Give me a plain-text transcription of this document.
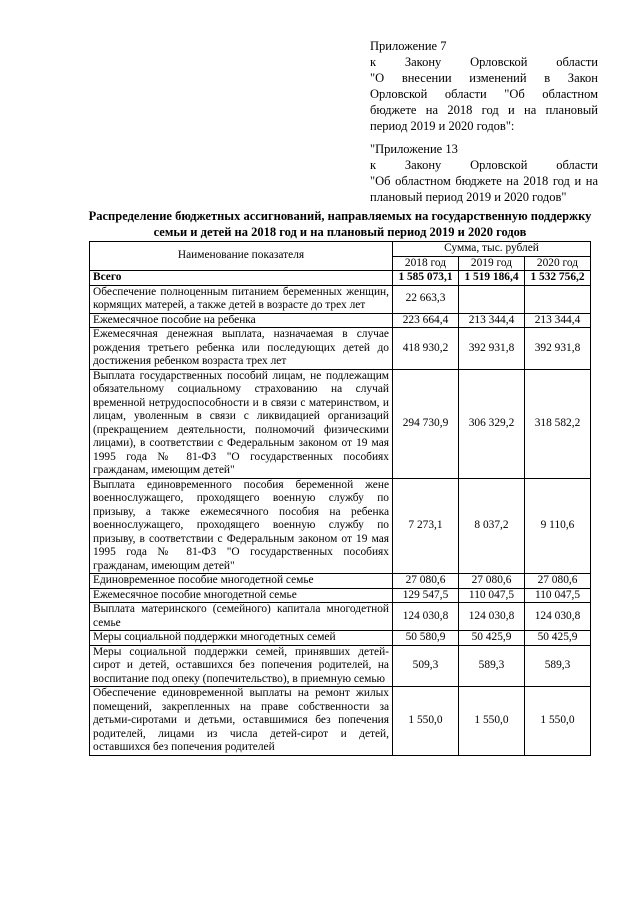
Приложение 7
к Закону Орловской области
"О внесении изменений в Закон Орловской области "Об областном бюджете на 2018 год и на плановый период 2019 и 2020 годов":
"Приложение 13
к Закону Орловской области
"Об областном бюджете на 2018 год и на плановый период 2019 и 2020 годов"
Распределение бюджетных ассигнований, направляемых на государственную поддержку семьи и детей на 2018 год и на плановый период 2019 и 2020 годов
Наименование показателя	Сумма, тыс. рублей		
	2018 год	2019 год	2020 год
Всего	1 585 073,1	1 519 186,4	1 532 756,2
Обеспечение полноценным питанием беременных женщин, кормящих матерей, а также детей в возрасте до трех лет	22 663,3		
Ежемесячное пособие на ребенка	223 664,4	213 344,4	213 344,4
Ежемесячная денежная выплата, назначаемая в случае рождения третьего ребенка или последующих детей до достижения ребенком возраста трех лет	418 930,2	392 931,8	392 931,8
Выплата государственных пособий лицам, не подлежащим обязательному социальному страхованию на случай временной нетрудоспособности и в связи с материнством, и лицам, уволенным в связи с ликвидацией организаций (прекращением деятельности, полномочий физическими лицами), в соответствии с Федеральным законом от 19 мая 1995 года № 81-ФЗ "О государственных пособиях гражданам, имеющим детей"	294 730,9	306 329,2	318 582,2
Выплата единовременного пособия беременной жене военнослужащего, проходящего военную службу по призыву, а также ежемесячного пособия на ребенка военнослужащего, проходящего военную службу по призыву, в соответствии с Федеральным законом от 19 мая 1995 года № 81-ФЗ "О государственных пособиях гражданам, имеющим детей"	7 273,1	8 037,2	9 110,6
Единовременное пособие многодетной семье	27 080,6	27 080,6	27 080,6
Ежемесячное пособие многодетной семье	129 547,5	110 047,5	110 047,5
Выплата материнского (семейного) капитала многодетной семье	124 030,8	124 030,8	124 030,8
Меры социальной поддержки многодетных семей	50 580,9	50 425,9	50 425,9
Меры социальной поддержки семей, принявших детей-сирот и детей, оставшихся без попечения родителей, на воспитание под опеку (попечительство), в приемную семью	509,3	589,3	589,3
Обеспечение единовременной выплаты на ремонт жилых помещений, закрепленных на праве собственности за детьми-сиротами и детьми, оставшимися без попечения родителей, лицами из числа детей-сирот и детей, оставшихся без попечения родителей	1 550,0	1 550,0	1 550,0
